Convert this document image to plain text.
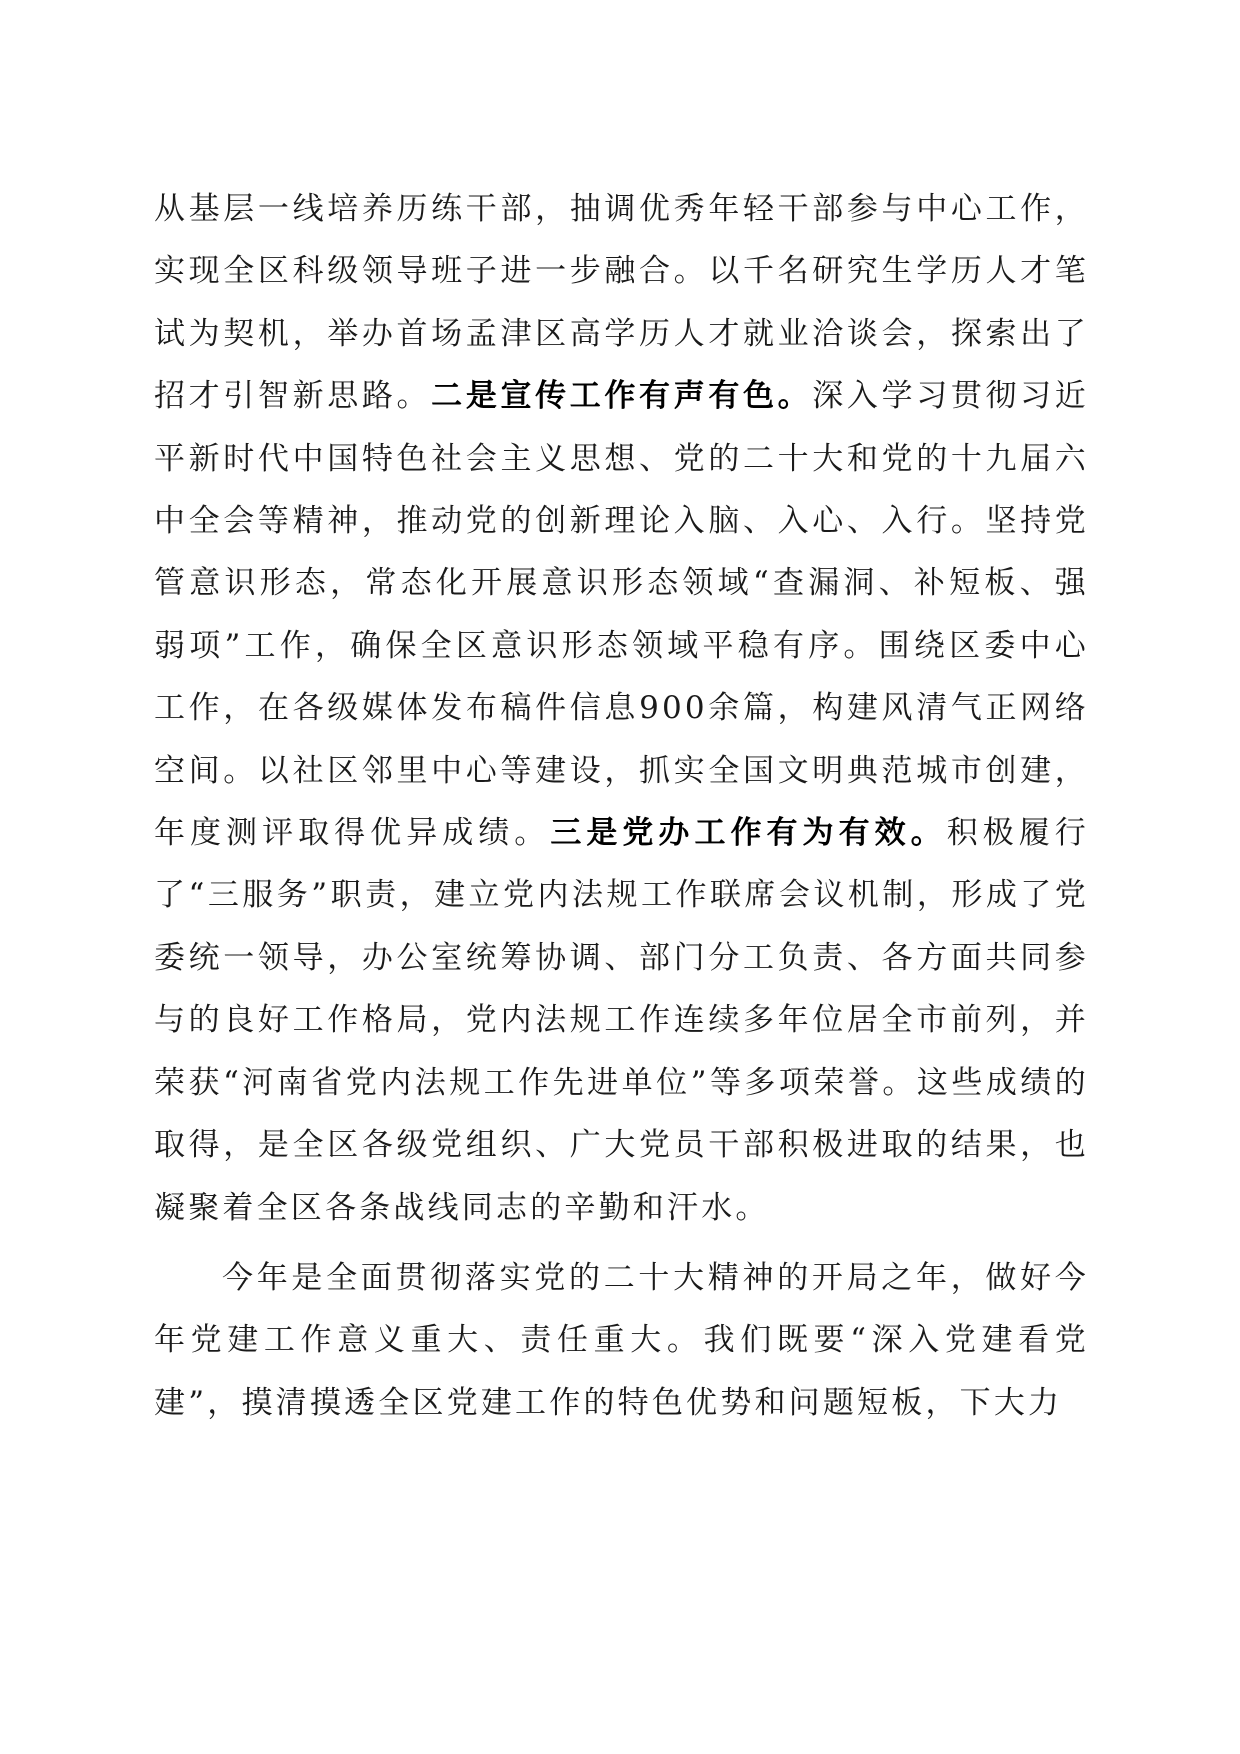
从基层一线培养历练干部，抽调优秀年轻干部参与中心工作，实现全区科级领导班子进一步融合。以千名研究生学历人才笔试为契机，举办首场孟津区高学历人才就业洽谈会，探索出了招才引智新思路。二是宣传工作有声有色。深入学习贯彻习近平新时代中国特色社会主义思想、党的二十大和党的十九届六中全会等精神，推动党的创新理论入脑、入心、入行。坚持党管意识形态，常态化开展意识形态领域“查漏洞、补短板、强弱项”工作，确保全区意识形态领域平稳有序。围绕区委中心工作，在各级媒体发布稿件信息900余篇，构建风清气正网络空间。以社区邻里中心等建设，抓实全国文明典范城市创建，年度测评取得优异成绩。三是党办工作有为有效。积极履行了“三服务”职责，建立党内法规工作联席会议机制，形成了党委统一领导，办公室统筹协调、部门分工负责、各方面共同参与的良好工作格局，党内法规工作连续多年位居全市前列，并荣获“河南省党内法规工作先进单位”等多项荣誉。这些成绩的取得，是全区各级党组织、广大党员干部积极进取的结果，也凝聚着全区各条战线同志的辛勤和汗水。

今年是全面贯彻落实党的二十大精神的开局之年，做好今年党建工作意义重大、责任重大。我们既要“深入党建看党建”，摸清摸透全区党建工作的特色优势和问题短板，下大力
